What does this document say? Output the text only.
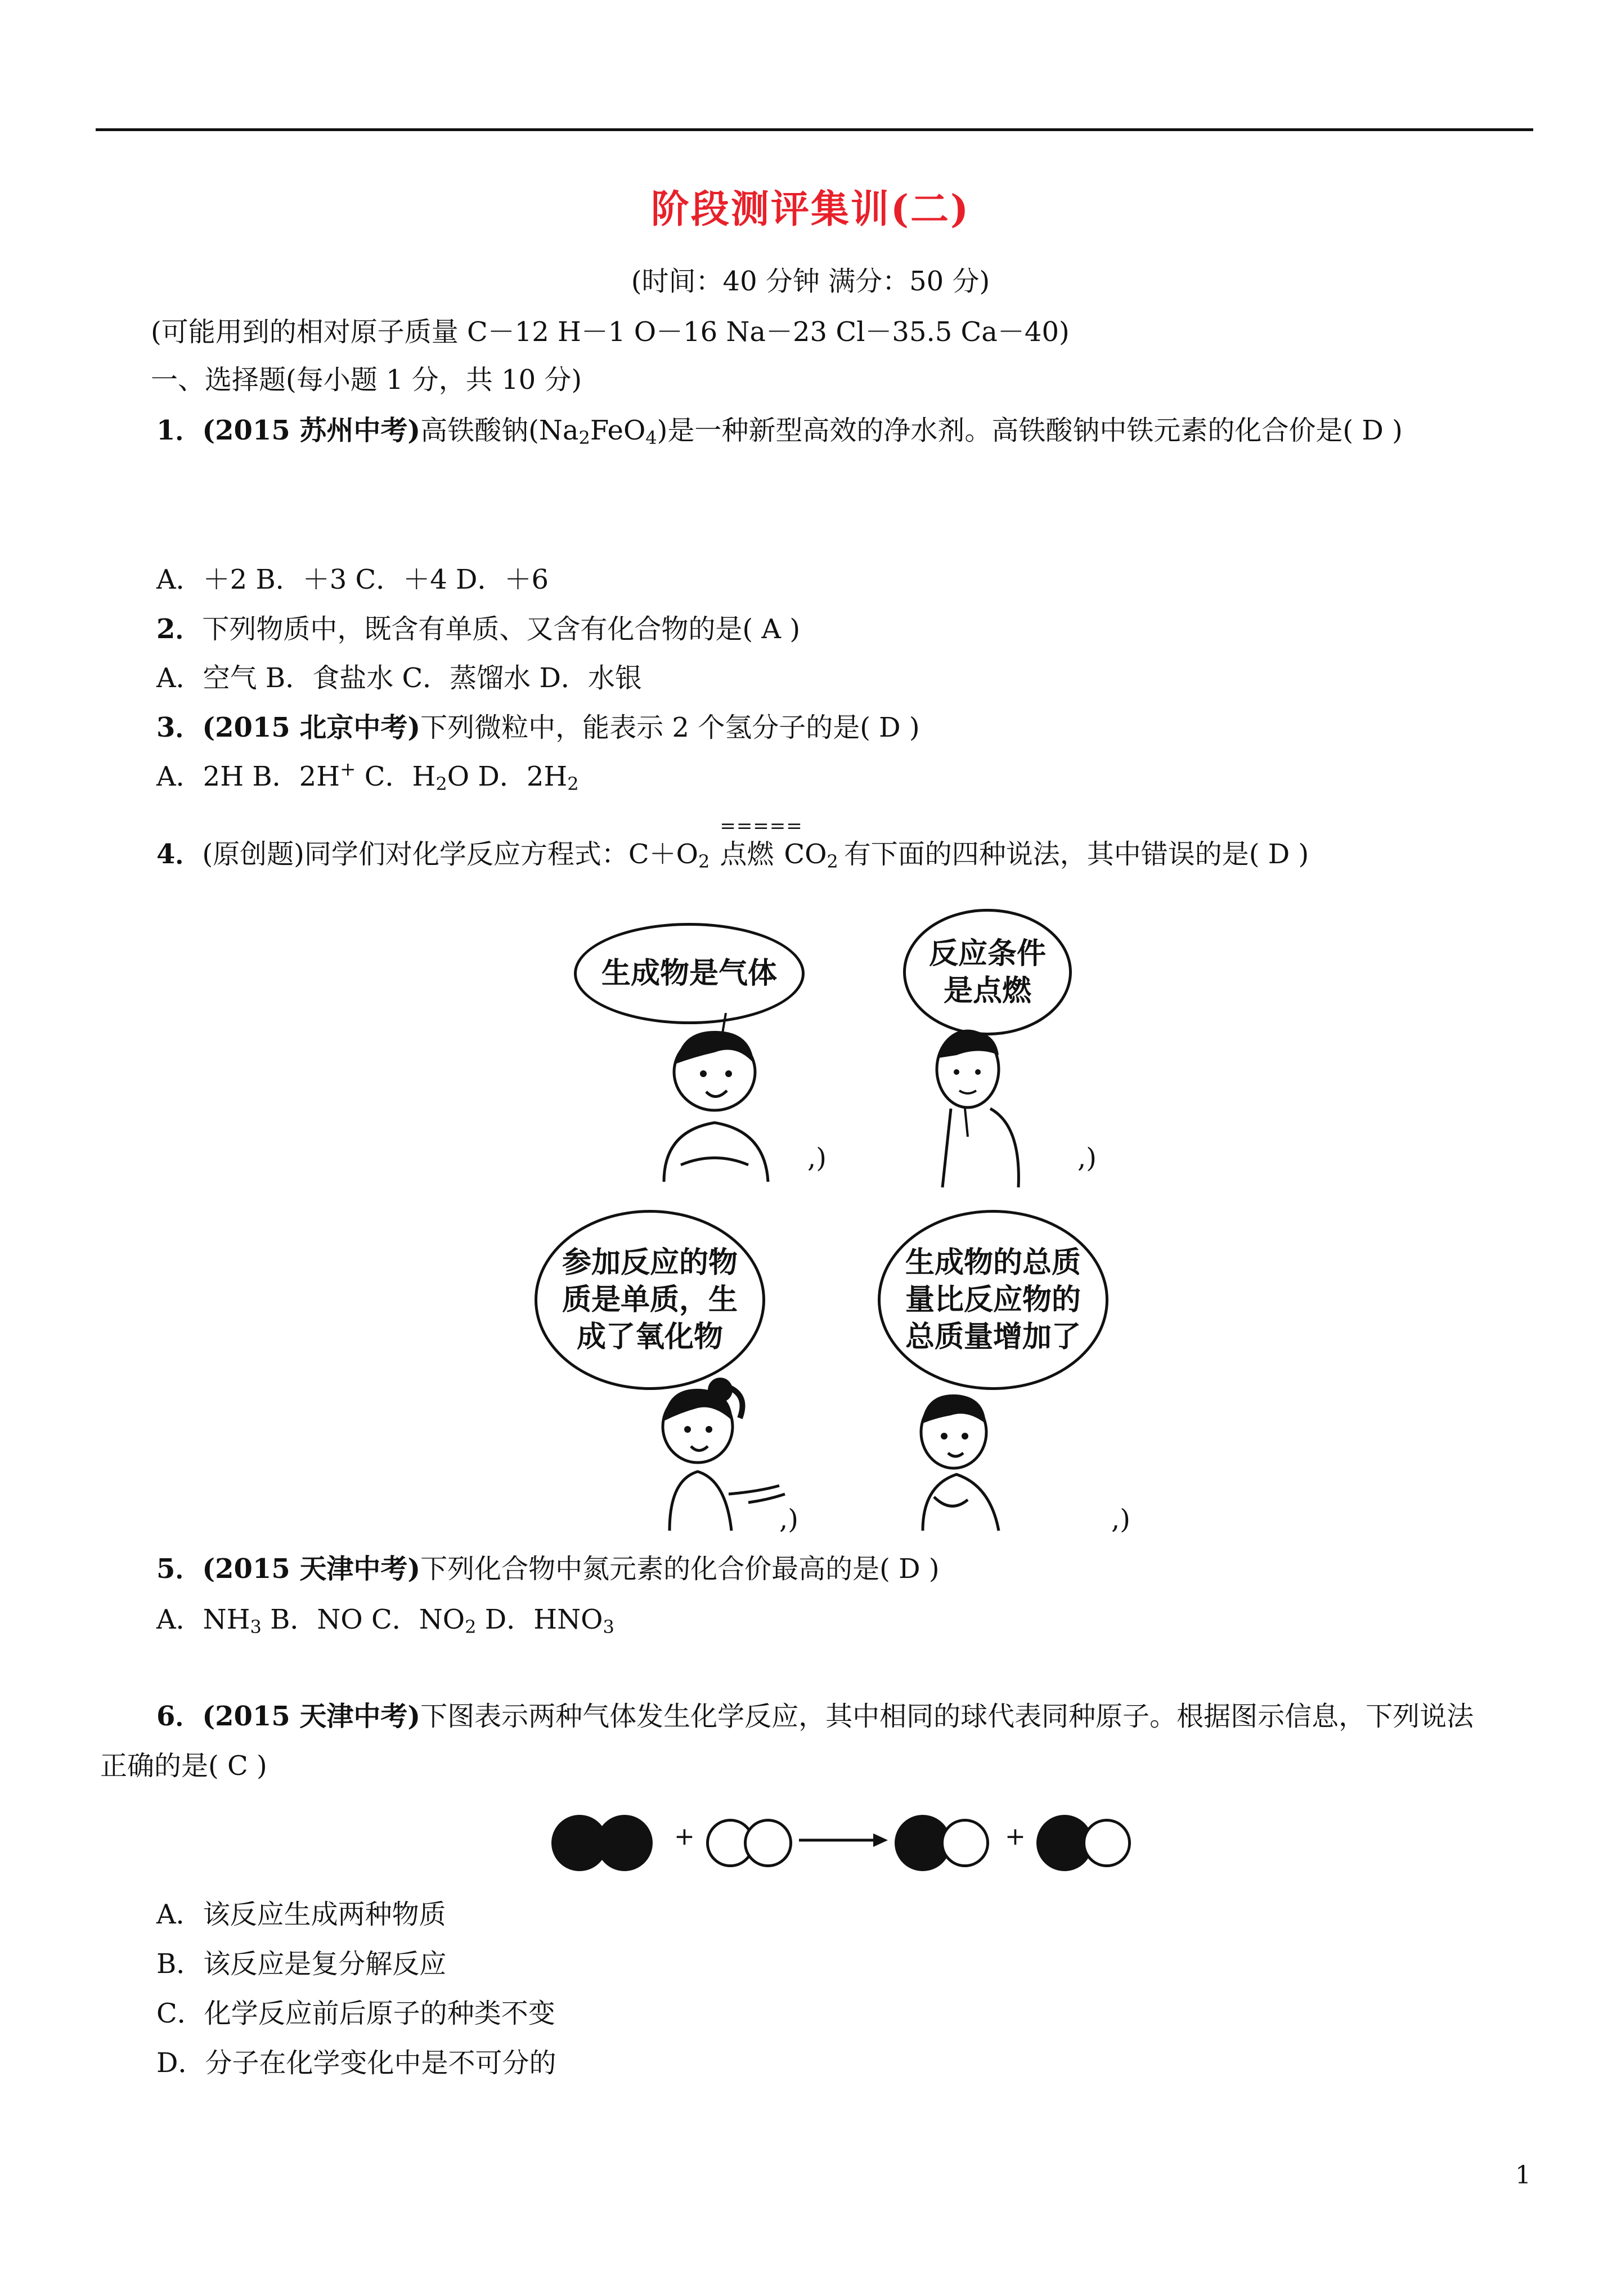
阶段测评集训(二)
(时间：40 分钟 满分：50 分)
(可能用到的相对原子质量 C－12 H－1 O－16 Na－23 Cl－35.5 Ca－40)
一、选择题(每小题 1 分，共 10 分)
1．(2015 苏州中考)高铁酸钠$(Na_2FeO_4)$是一种新型高效的净水剂。高铁酸钠中铁元素的化合价是( D )
A．＋2 B．＋3 C．＋4 D．＋6
2．下列物质中，既含有单质、又含有化合物的是( A )
A．空气 B．食盐水 C．蒸馏水 D．水银
3．(2015 北京中考)下列微粒中，能表示 2 个氢分子的是( D )
A．2H B．2H+ C．$H_2O$ D．$2H_2$
4．(原创题)同学们对化学反应方程式：$C+O_2$
=====
点燃 $CO_2$ 有下面的四种说法，其中错误的是( D )
生成物是气体
,)
反应条件
是点燃
,)
参加反应的物
质是单质，生
成了氧化物
,)
生成物的总质
量比反应物的
总质量增加了
,)
5．(2015 天津中考)下列化合物中氮元素的化合价最高的是( D )
A．$NH_3$ B．NO C．$NO_2$ D．$HNO_3$
6．(2015 天津中考)下图表示两种气体发生化学反应，其中相同的球代表同种原子。根据图示信息，下列说法
正确的是( C )
+	+
A．该反应生成两种物质
B．该反应是复分解反应
C．化学反应前后原子的种类不变
D．分子在化学变化中是不可分的
1
